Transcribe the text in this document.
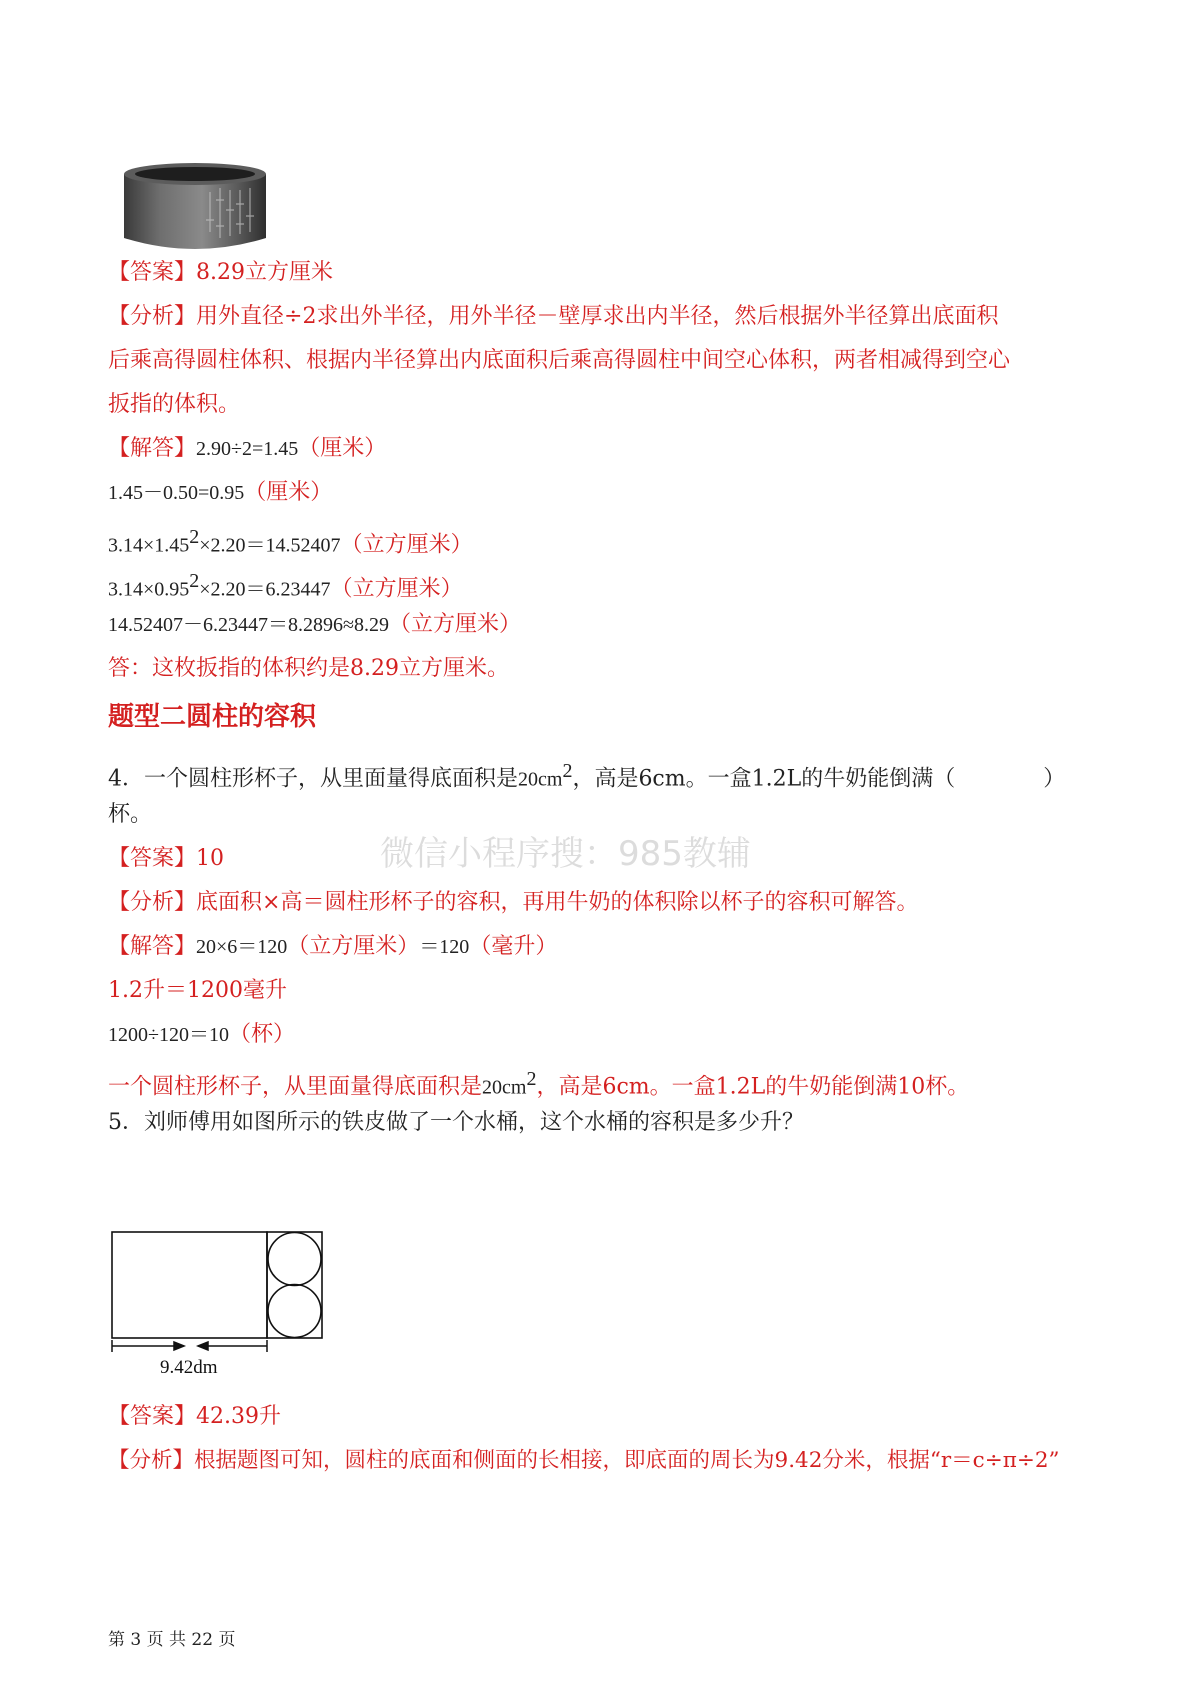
【答案】8.29立方厘米
【分析】用外直径÷2求出外半径，用外半径－壁厚求出内半径，然后根据外半径算出底面积
后乘高得圆柱体积、根据内半径算出内底面积后乘高得圆柱中间空心体积，两者相减得到空心
扳指的体积。
【解答】2.90÷2=1.45（厘米）
1.45－0.50=0.95（厘米）
$3.14\times 1.45^2\times 2.20=14.52407$（立方厘米）
$3.14\times 0.95^2\times 2.20=6.23447$（立方厘米）
14.52407－6.23447＝8.2896≈8.29（立方厘米）
答：这枚扳指的体积约是8.29立方厘米。
题型二圆柱的容积
微信小程序搜：985教辅
4．一个圆柱形杯子，从里面量得底面积是$20cm^2$，高是6cm。一盒1.2L的牛奶能倒满（　　　　）
杯。
【答案】10
【分析】底面积×高＝圆柱形杯子的容积，再用牛奶的体积除以杯子的容积可解答。
【解答】20×6＝120（立方厘米）＝120（毫升）
1.2升＝1200毫升
1200÷120＝10（杯）
一个圆柱形杯子，从里面量得底面积是$20cm^2$，高是6cm。一盒1.2L的牛奶能倒满10杯。
5．刘师傅用如图所示的铁皮做了一个水桶，这个水桶的容积是多少升？
9.42dm
【答案】42.39升
【分析】根据题图可知，圆柱的底面和侧面的长相接，即底面的周长为9.42分米，根据“r＝c÷π÷2”
第 3 页 共 22 页
